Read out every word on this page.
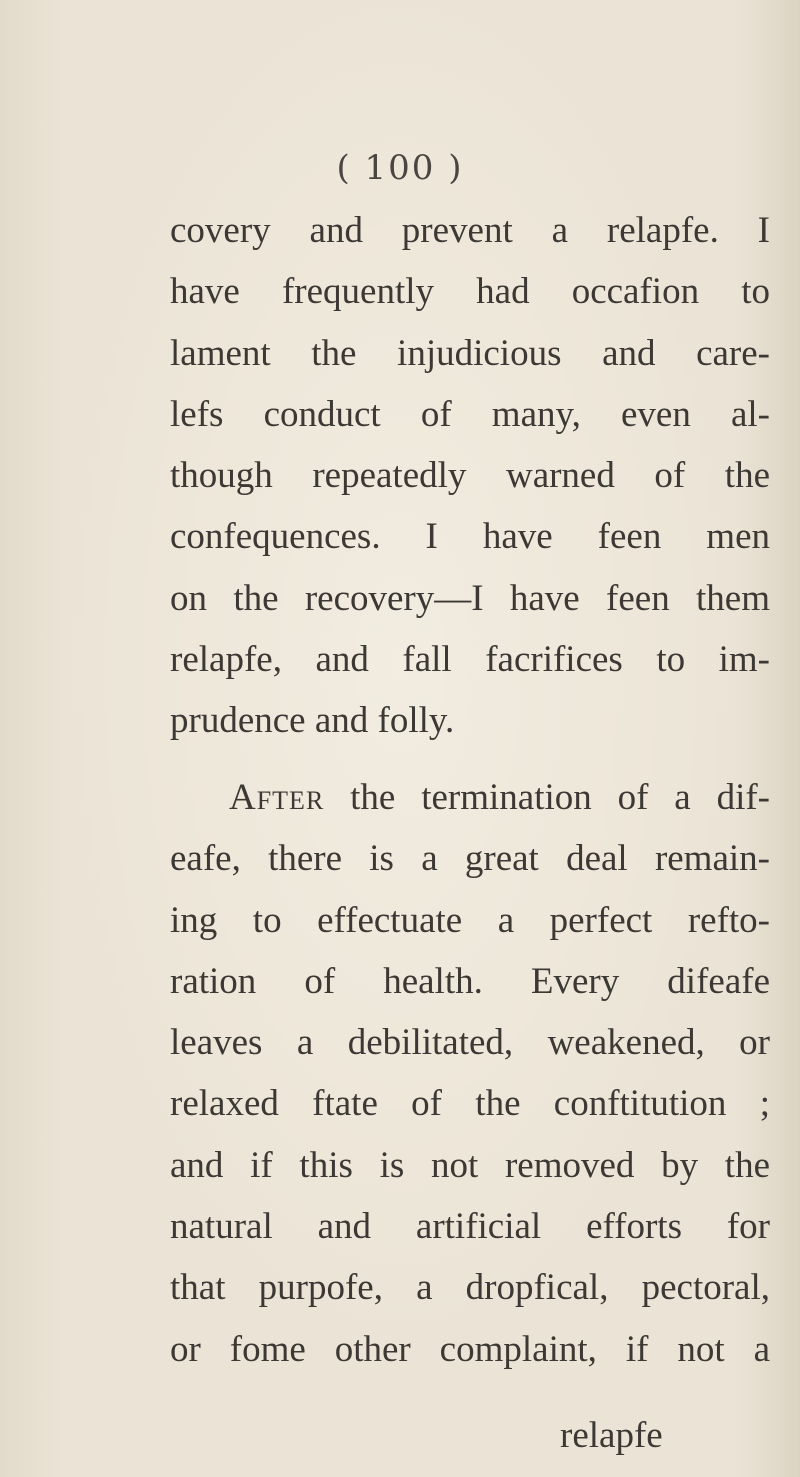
( 100 )
covery and prevent a relapfe. I
have frequently had occafion to
lament the injudicious and care-
lefs conduct of many, even al-
though repeatedly warned of the
confequences. I have feen men
on the recovery—I have feen them
relapfe, and fall facrifices to im-
prudence and folly.
After the termination of a dif-
eafe, there is a great deal remain-
ing to effectuate a perfect refto-
ration of health. Every difeafe
leaves a debilitated, weakened, or
relaxed ftate of the conftitution ;
and if this is not removed by the
natural and artificial efforts for
that purpofe, a dropfical, pectoral,
or fome other complaint, if not a
relapfe
